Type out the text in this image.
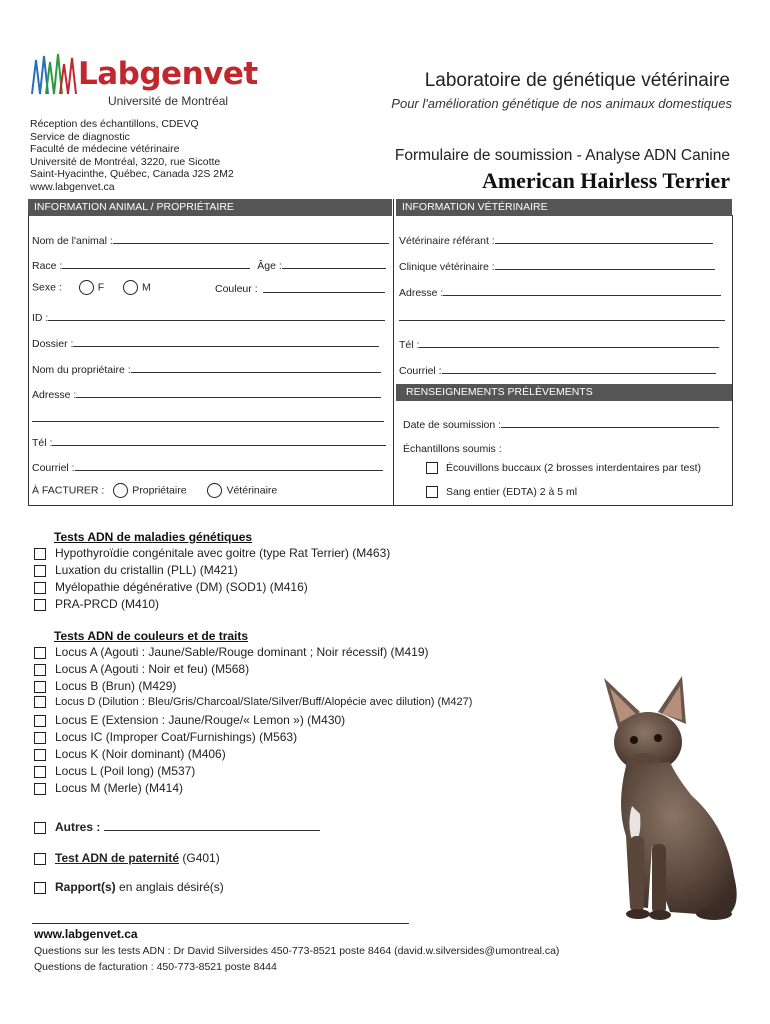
Labgenvet
Université de Montréal
Réception des échantillons, CDEVQ
Service de diagnostic
Faculté de médecine vétérinaire
Université de Montréal, 3220, rue Sicotte
Saint-Hyacinthe, Québec, Canada J2S 2M2
www.labgenvet.ca
Laboratoire de génétique vétérinaire
Pour l'amélioration génétique de nos animaux domestiques
Formulaire de soumission - Analyse ADN Canine
American Hairless Terrier
INFORMATION ANIMAL / PROPRIÉTAIRE	INFORMATION VÉTÉRINAIRE
Nom de l'animal :
Race :	Âge :
Sexe :	F	M	Couleur :
ID :
Dossier :
Nom du propriétaire :
Adresse :
Tél :
Courriel :
À FACTURER :	Propriétaire	Vétérinaire
Vétérinaire référant :
Clinique vétérinaire :
Adresse :
Tél :
Courriel :
RENSEIGNEMENTS PRÉLÈVEMENTS
Date de soumission :
Échantillons soumis :
Écouvillons buccaux (2 brosses interdentaires par test)
Sang entier (EDTA) 2 à 5 ml
Tests ADN de maladies génétiques
Hypothyroïdie congénitale avec goitre (type Rat Terrier) (M463)
Luxation du cristallin (PLL) (M421)
Myélopathie dégénérative (DM) (SOD1) (M416)
PRA-PRCD (M410)
Tests ADN de couleurs et de traits
Locus A (Agouti : Jaune/Sable/Rouge dominant ; Noir récessif) (M419)
Locus A (Agouti : Noir et feu) (M568)
Locus B (Brun) (M429)
Locus D (Dilution : Bleu/Gris/Charcoal/Slate/Silver/Buff/Alopécie avec dilution) (M427)
Locus E (Extension : Jaune/Rouge/« Lemon ») (M430)
Locus IC (Improper Coat/Furnishings) (M563)
Locus K (Noir dominant) (M406)
Locus L (Poil long) (M537)
Locus M (Merle) (M414)
Autres :
Test ADN de paternité (G401)
Rapport(s) en anglais désiré(s)
www.labgenvet.ca
Questions sur les tests ADN : Dr David Silversides 450-773-8521 poste 8464 (david.w.silversides@umontreal.ca)
Questions de facturation : 450-773-8521 poste 8444
